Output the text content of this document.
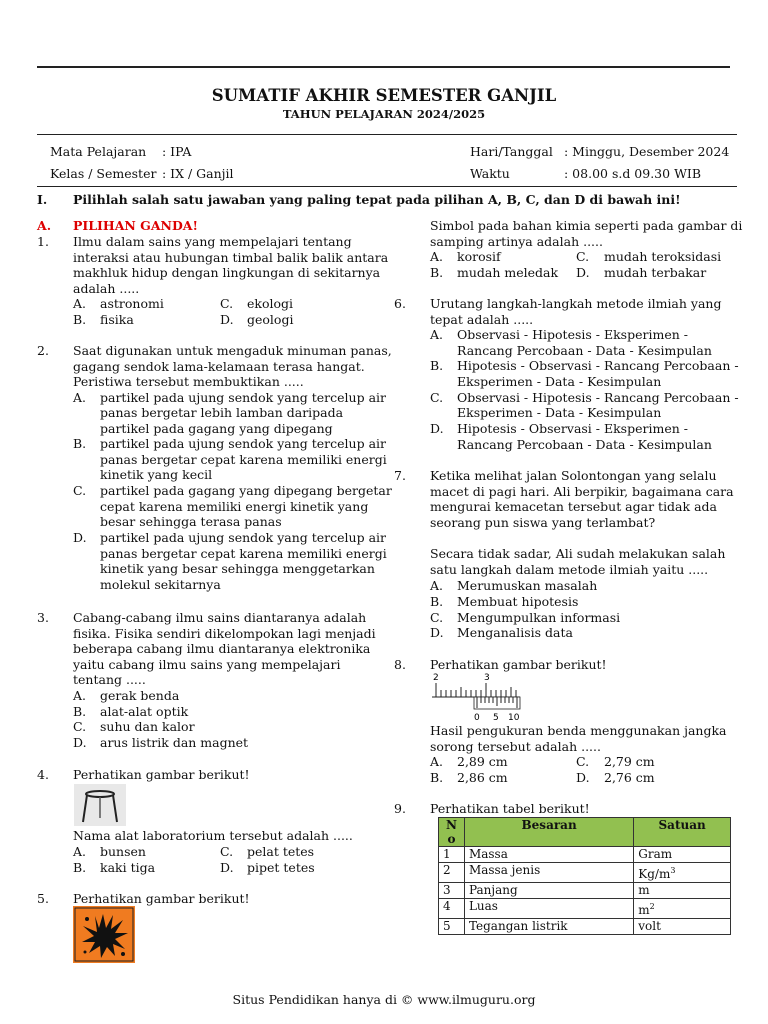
SUMATIF AKHIR SEMESTER GANJIL
TAHUN PELAJARAN 2024/2025
Mata Pelajaran : IPA
Kelas / Semester : IX / Ganjil
Hari/Tanggal : Minggu, Desember 2024
Waktu	: 08.00 s.d 09.30 WIB
I. Pilihlah salah satu jawaban yang paling tepat pada pilihan A, B, C, dan D di bawah ini!
A. PILIHAN GANDA!
1. Ilmu dalam sains yang mempelajari tentang
interaksi atau hubungan timbal balik balik antara
makhluk hidup dengan lingkungan di sekitarnya
adalah .....
A. astronomi	C. ekologi
B. fisika	D. geologi
2. Saat digunakan untuk mengaduk minuman panas,
gagang sendok lama-kelamaan terasa hangat.
Peristiwa tersebut membuktikan .....
A. partikel pada ujung sendok yang tercelup air
panas bergetar lebih lamban daripada
partikel pada gagang yang dipegang
B. partikel pada ujung sendok yang tercelup air
panas bergetar cepat karena memiliki energi
kinetik yang kecil
C. partikel pada gagang yang dipegang bergetar
cepat karena memiliki energi kinetik yang
besar sehingga terasa panas
D. partikel pada ujung sendok yang tercelup air
panas bergetar cepat karena memiliki energi
kinetik yang besar sehingga menggetarkan
molekul sekitarnya
3. Cabang-cabang ilmu sains diantaranya adalah
fisika. Fisika sendiri dikelompokan lagi menjadi
beberapa cabang ilmu diantaranya elektronika
yaitu cabang ilmu sains yang mempelajari
tentang .....
A. gerak benda
B. alat-alat optik
C. suhu dan kalor
D. arus listrik dan magnet
4. Perhatikan gambar berikut!
Nama alat laboratorium tersebut adalah .....
A. bunsen	C. pelat tetes
B. kaki tiga	D. pipet tetes
5. Perhatikan gambar berikut!
Simbol pada bahan kimia seperti pada gambar di
samping artinya adalah .....
A. korosif	C. mudah teroksidasi
B. mudah meledak D. mudah terbakar
6. Urutang langkah-langkah metode ilmiah yang
tepat adalah .....
A. Observasi - Hipotesis - Eksperimen -
Rancang Percobaan - Data - Kesimpulan
B. Hipotesis - Observasi - Rancang Percobaan -
Eksperimen - Data - Kesimpulan
C. Observasi - Hipotesis - Rancang Percobaan -
Eksperimen - Data - Kesimpulan
D. Hipotesis - Observasi - Eksperimen -
Rancang Percobaan - Data - Kesimpulan
7. Ketika melihat jalan Solontongan yang selalu
macet di pagi hari. Ali berpikir, bagaimana cara
mengurai kemacetan tersebut agar tidak ada
seorang pun siswa yang terlambat?
Secara tidak sadar, Ali sudah melakukan salah
satu langkah dalam metode ilmiah yaitu .....
A. Merumuskan masalah
B. Membuat hipotesis
C. Mengumpulkan informasi
D. Menganalisis data
8. Perhatikan gambar berikut!
2	3
0 5 10
Hasil pengukuran benda menggunakan jangka
sorong tersebut adalah .....
A. 2,89 cm	C. 2,79 cm
B. 2,86 cm	D. 2,76 cm
9. Perhatikan tabel berikut!
N
o	Besaran	Satuan
1	Massa	Gram
2	Massa jenis	$Kg/m^3$
3	Panjang	m
4	Luas	$m^2$
5	Tegangan listrik	volt
Situs Pendidikan hanya di © www.ilmuguru.org
